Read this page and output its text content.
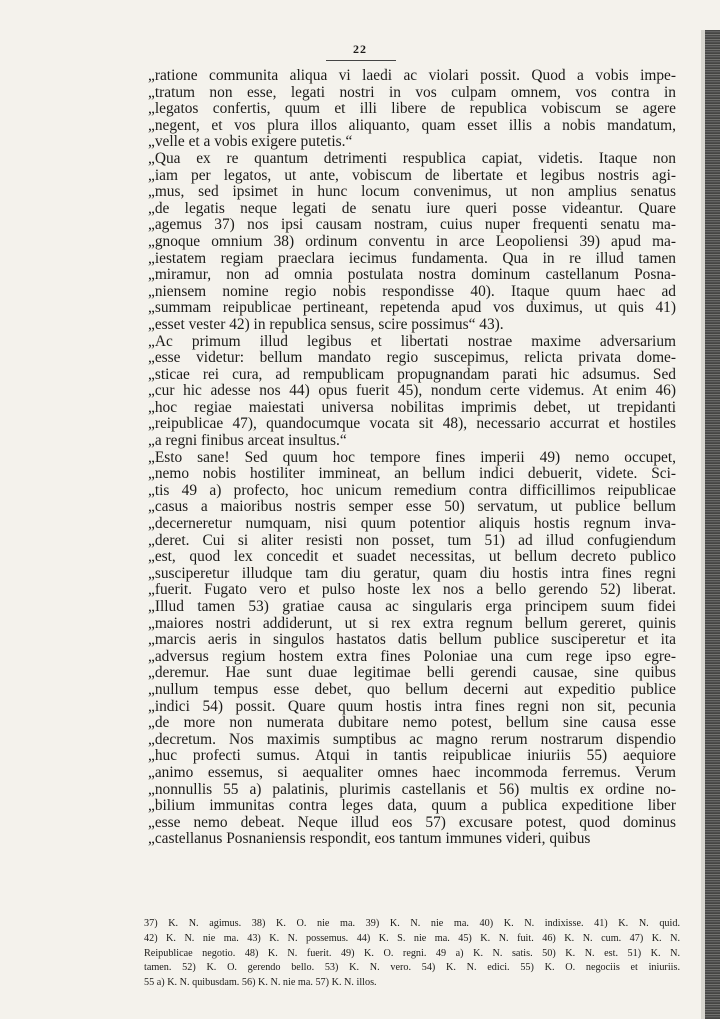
22
„ratione communita aliqua vi laedi ac violari possit. Quod a vobis impe-
„tratum non esse, legati nostri in vos culpam omnem, vos contra in
„legatos confertis, quum et illi libere de republica vobiscum se agere
„negent, et vos plura illos aliquanto, quam esset illis a nobis mandatum,
„velle et a vobis exigere putetis.“
„Qua ex re quantum detrimenti respublica capiat, videtis. Itaque non
„iam per legatos, ut ante, vobiscum de libertate et legibus nostris agi-
„mus, sed ipsimet in hunc locum convenimus, ut non amplius senatus
„de legatis neque legati de senatu iure queri posse videantur. Quare
„agemus 37) nos ipsi causam nostram, cuius nuper frequenti senatu ma-
„gnoque omnium 38) ordinum conventu in arce Leopoliensi 39) apud ma-
„iestatem regiam praeclara iecimus fundamenta. Qua in re illud tamen
„miramur, non ad omnia postulata nostra dominum castellanum Posna-
„niensem nomine regio nobis respondisse 40). Itaque quum haec ad
„summam reipublicae pertineant, repetenda apud vos duximus, ut quis 41)
„esset vester 42) in republica sensus, scire possimus“ 43).
„Ac primum illud legibus et libertati nostrae maxime adversarium
„esse videtur: bellum mandato regio suscepimus, relicta privata dome-
„sticae rei cura, ad rempublicam propugnandam parati hic adsumus. Sed
„cur hic adesse nos 44) opus fuerit 45), nondum certe videmus. At enim 46)
„hoc regiae maiestati universa nobilitas imprimis debet, ut trepidanti
„reipublicae 47), quandocumque vocata sit 48), necessario accurrat et hostiles
„a regni finibus arceat insultus.“
„Esto sane! Sed quum hoc tempore fines imperii 49) nemo occupet,
„nemo nobis hostiliter immineat, an bellum indici debuerit, videte. Sci-
„tis 49 a) profecto, hoc unicum remedium contra difficillimos reipublicae
„casus a maioribus nostris semper esse 50) servatum, ut publice bellum
„decerneretur numquam, nisi quum potentior aliquis hostis regnum inva-
„deret. Cui si aliter resisti non posset, tum 51) ad illud confugiendum
„est, quod lex concedit et suadet necessitas, ut bellum decreto publico
„susciperetur illudque tam diu geratur, quam diu hostis intra fines regni
„fuerit. Fugato vero et pulso hoste lex nos a bello gerendo 52) liberat.
„Illud tamen 53) gratiae causa ac singularis erga principem suum fidei
„maiores nostri addiderunt, ut si rex extra regnum bellum gereret, quinis
„marcis aeris in singulos hastatos datis bellum publice susciperetur et ita
„adversus regium hostem extra fines Poloniae una cum rege ipso egre-
„deremur. Hae sunt duae legitimae belli gerendi causae, sine quibus
„nullum tempus esse debet, quo bellum decerni aut expeditio publice
„indici 54) possit. Quare quum hostis intra fines regni non sit, pecunia
„de more non numerata dubitare nemo potest, bellum sine causa esse
„decretum. Nos maximis sumptibus ac magno rerum nostrarum dispendio
„huc profecti sumus. Atqui in tantis reipublicae iniuriis 55) aequiore
„animo essemus, si aequaliter omnes haec incommoda ferremus. Verum
„nonnullis 55 a) palatinis, plurimis castellanis et 56) multis ex ordine no-
„bilium immunitas contra leges data, quum a publica expeditione liber
„esse nemo debeat. Neque illud eos 57) excusare potest, quod dominus
„castellanus Posnaniensis respondit, eos tantum immunes videri, quibus
37) K. N. agimus. 38) K. O. nie ma. 39) K. N. nie ma. 40) K. N. indixisse. 41) K. N. quid.
42) K. N. nie ma. 43) K. N. possemus. 44) K. S. nie ma. 45) K. N. fuit. 46) K. N. cum. 47) K. N.
Reipublicae negotio. 48) K. N. fuerit. 49) K. O. regni. 49 a) K. N. satis. 50) K. N. est. 51) K. N.
tamen. 52) K. O. gerendo bello. 53) K. N. vero. 54) K. N. edici. 55) K. O. negociis et iniuriis.
55 a) K. N. quibusdam. 56) K. N. nie ma. 57) K. N. illos.
